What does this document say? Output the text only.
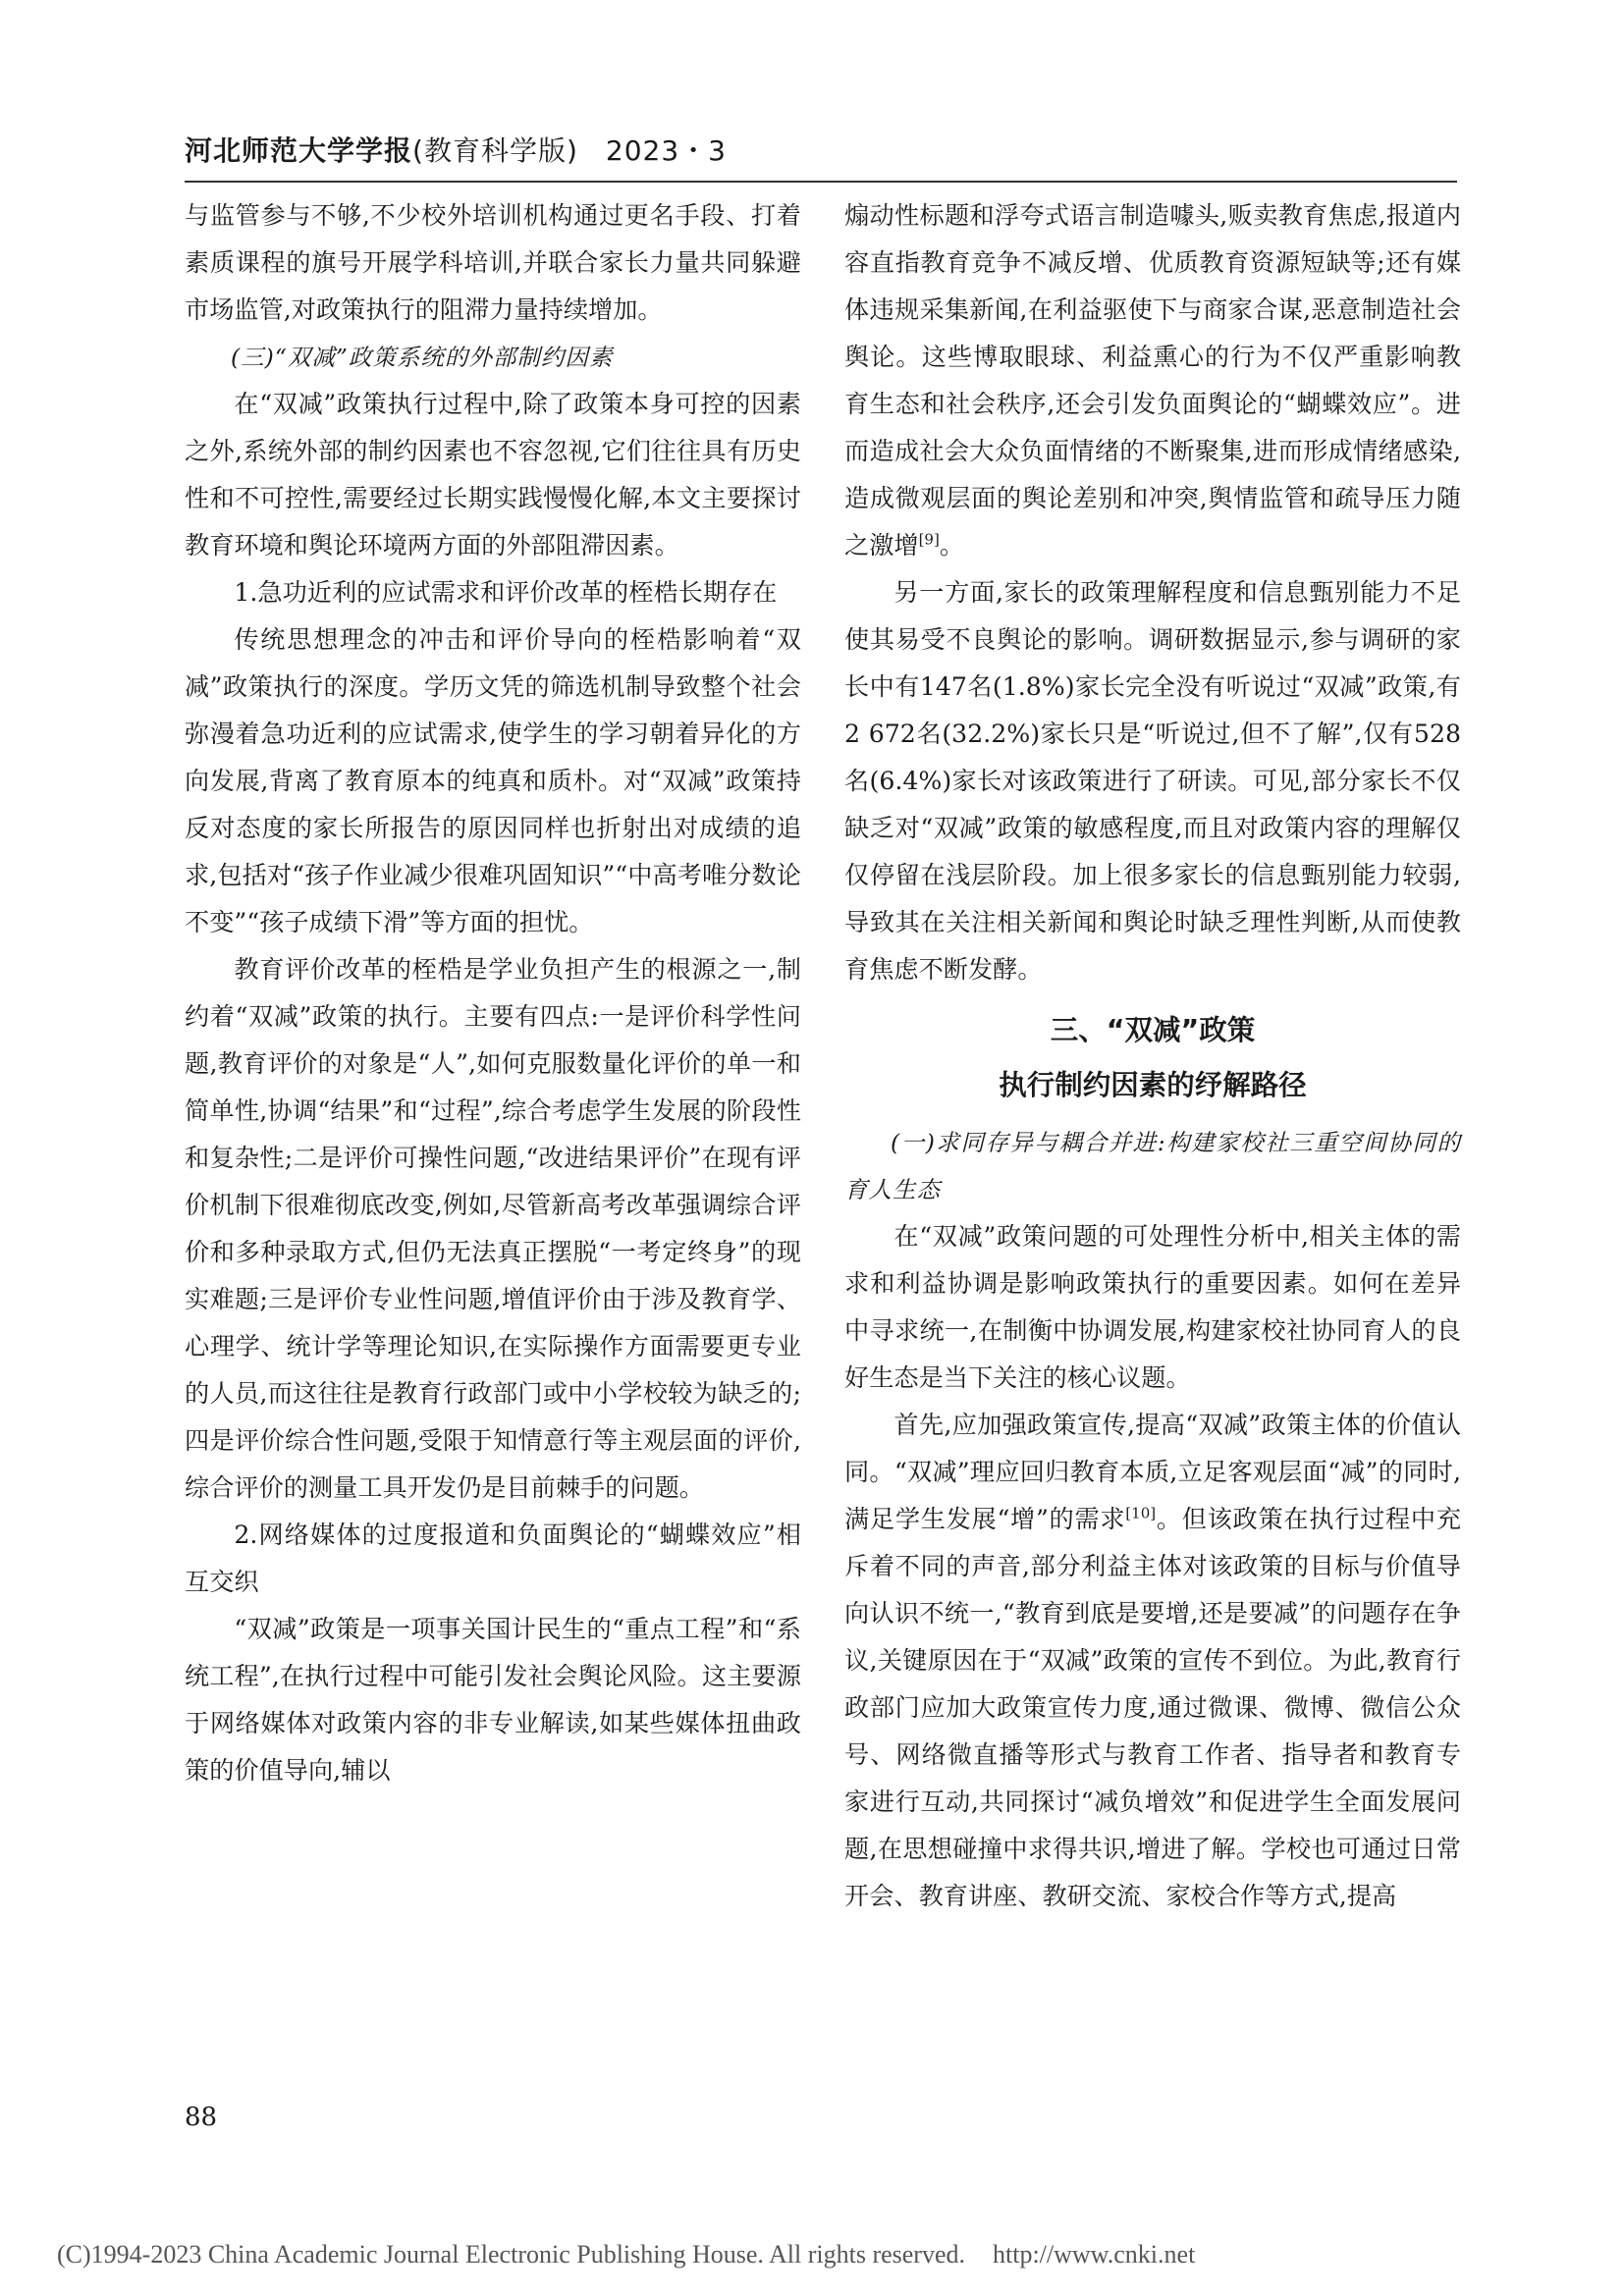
河北师范大学学报(教育科学版) 2023・3

与监管参与不够,不少校外培训机构通过更名手段、打着素质课程的旗号开展学科培训,并联合家长力量共同躲避市场监管,对政策执行的阻滞力量持续增加。

(三)“双减”政策系统的外部制约因素

在“双减”政策执行过程中,除了政策本身可控的因素之外,系统外部的制约因素也不容忽视,它们往往具有历史性和不可控性,需要经过长期实践慢慢化解,本文主要探讨教育环境和舆论环境两方面的外部阻滞因素。

1.急功近利的应试需求和评价改革的桎梏长期存在

传统思想理念的冲击和评价导向的桎梏影响着“双减”政策执行的深度。学历文凭的筛选机制导致整个社会弥漫着急功近利的应试需求,使学生的学习朝着异化的方向发展,背离了教育原本的纯真和质朴。对“双减”政策持反对态度的家长所报告的原因同样也折射出对成绩的追求,包括对“孩子作业减少很难巩固知识”“中高考唯分数论不变”“孩子成绩下滑”等方面的担忧。

教育评价改革的桎梏是学业负担产生的根源之一,制约着“双减”政策的执行。主要有四点:一是评价科学性问题,教育评价的对象是“人”,如何克服数量化评价的单一和简单性,协调“结果”和“过程”,综合考虑学生发展的阶段性和复杂性;二是评价可操性问题,“改进结果评价”在现有评价机制下很难彻底改变,例如,尽管新高考改革强调综合评价和多种录取方式,但仍无法真正摆脱“一考定终身”的现实难题;三是评价专业性问题,增值评价由于涉及教育学、心理学、统计学等理论知识,在实际操作方面需要更专业的人员,而这往往是教育行政部门或中小学校较为缺乏的;四是评价综合性问题,受限于知情意行等主观层面的评价,综合评价的测量工具开发仍是目前棘手的问题。

2.网络媒体的过度报道和负面舆论的“蝴蝶效应”相互交织

“双减”政策是一项事关国计民生的“重点工程”和“系统工程”,在执行过程中可能引发社会舆论风险。这主要源于网络媒体对政策内容的非专业解读,如某些媒体扭曲政策的价值导向,辅以

煽动性标题和浮夸式语言制造噱头,贩卖教育焦虑,报道内容直指教育竞争不减反增、优质教育资源短缺等;还有媒体违规采集新闻,在利益驱使下与商家合谋,恶意制造社会舆论。这些博取眼球、利益熏心的行为不仅严重影响教育生态和社会秩序,还会引发负面舆论的“蝴蝶效应”。进而造成社会大众负面情绪的不断聚集,进而形成情绪感染,造成微观层面的舆论差别和冲突,舆情监管和疏导压力随之激增[9]。

另一方面,家长的政策理解程度和信息甄别能力不足使其易受不良舆论的影响。调研数据显示,参与调研的家长中有147名(1.8%)家长完全没有听说过“双减”政策,有2 672名(32.2%)家长只是“听说过,但不了解”,仅有528名(6.4%)家长对该政策进行了研读。可见,部分家长不仅缺乏对“双减”政策的敏感程度,而且对政策内容的理解仅仅停留在浅层阶段。加上很多家长的信息甄别能力较弱,导致其在关注相关新闻和舆论时缺乏理性判断,从而使教育焦虑不断发酵。

三、“双减”政策

执行制约因素的纾解路径

(一)求同存异与耦合并进:构建家校社三重空间协同的育人生态

在“双减”政策问题的可处理性分析中,相关主体的需求和利益协调是影响政策执行的重要因素。如何在差异中寻求统一,在制衡中协调发展,构建家校社协同育人的良好生态是当下关注的核心议题。

首先,应加强政策宣传,提高“双减”政策主体的价值认同。“双减”理应回归教育本质,立足客观层面“减”的同时,满足学生发展“增”的需求[10]。但该政策在执行过程中充斥着不同的声音,部分利益主体对该政策的目标与价值导向认识不统一,“教育到底是要增,还是要减”的问题存在争议,关键原因在于“双减”政策的宣传不到位。为此,教育行政部门应加大政策宣传力度,通过微课、微博、微信公众号、网络微直播等形式与教育工作者、指导者和教育专家进行互动,共同探讨“减负增效”和促进学生全面发展问题,在思想碰撞中求得共识,增进了解。学校也可通过日常开会、教育讲座、教研交流、家校合作等方式,提高

88
(C)1994-2023 China Academic Journal Electronic Publishing House. All rights reserved. http://www.cnki.net
